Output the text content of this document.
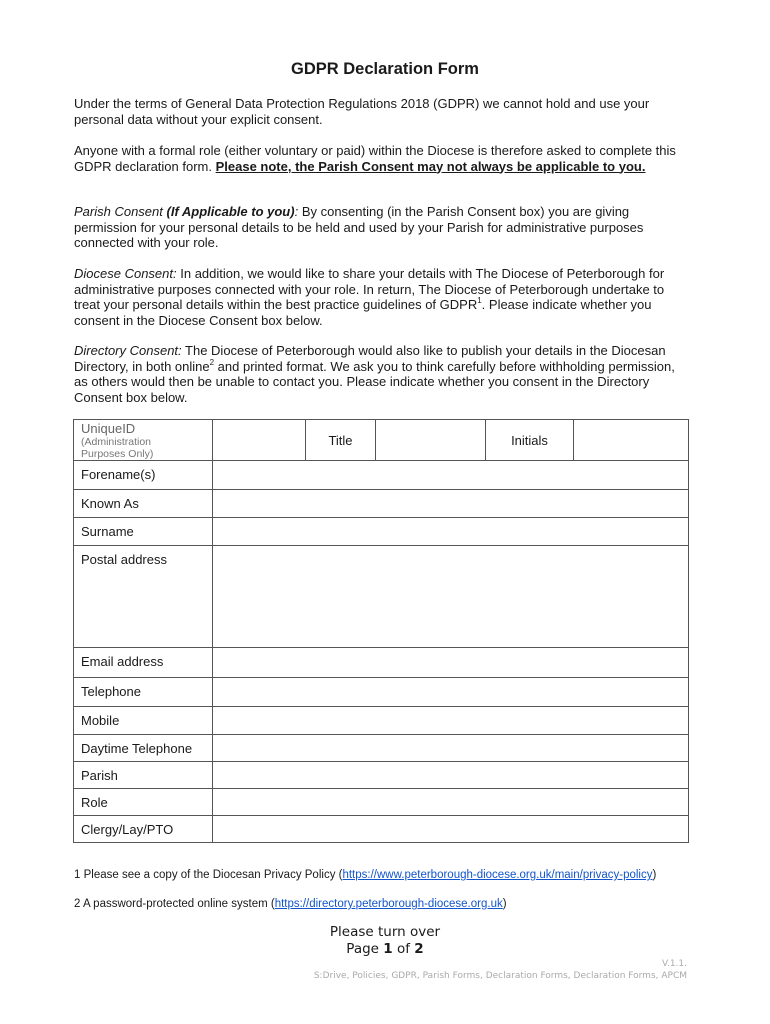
GDPR Declaration Form
Under the terms of General Data Protection Regulations 2018 (GDPR) we cannot hold and use your personal data without your explicit consent.
Anyone with a formal role (either voluntary or paid) within the Diocese is therefore asked to complete this GDPR declaration form. Please note, the Parish Consent may not always be applicable to you.
Parish Consent (If Applicable to you): By consenting (in the Parish Consent box) you are giving permission for your personal details to be held and used by your Parish for administrative purposes connected with your role.
Diocese Consent: In addition, we would like to share your details with The Diocese of Peterborough for administrative purposes connected with your role. In return, The Diocese of Peterborough undertake to treat your personal details within the best practice guidelines of GDPR$^1$. Please indicate whether you consent in the Diocese Consent box below.
Directory Consent: The Diocese of Peterborough would also like to publish your details in the Diocesan Directory, in both online$^2$ and printed format. We ask you to think carefully before withholding permission, as others would then be unable to contact you. Please indicate whether you consent in the Directory Consent box below.
UniqueID
(Administration
Purposes Only)		Title		Initials	
Forename(s)					
Known As					
Surname					
Postal address					
Email address					
Telephone					
Mobile					
Daytime Telephone					
Parish					
Role					
Clergy/Lay/PTO					
1 Please see a copy of the Diocesan Privacy Policy (https://www.peterborough-diocese.org.uk/main/privacy-policy)
2 A password-protected online system (https://directory.peterborough-diocese.org.uk)
Please turn over
Page 1 of 2
V.1.1.
S:Drive, Policies, GDPR, Parish Forms, Declaration Forms, Declaration Forms, APCM
